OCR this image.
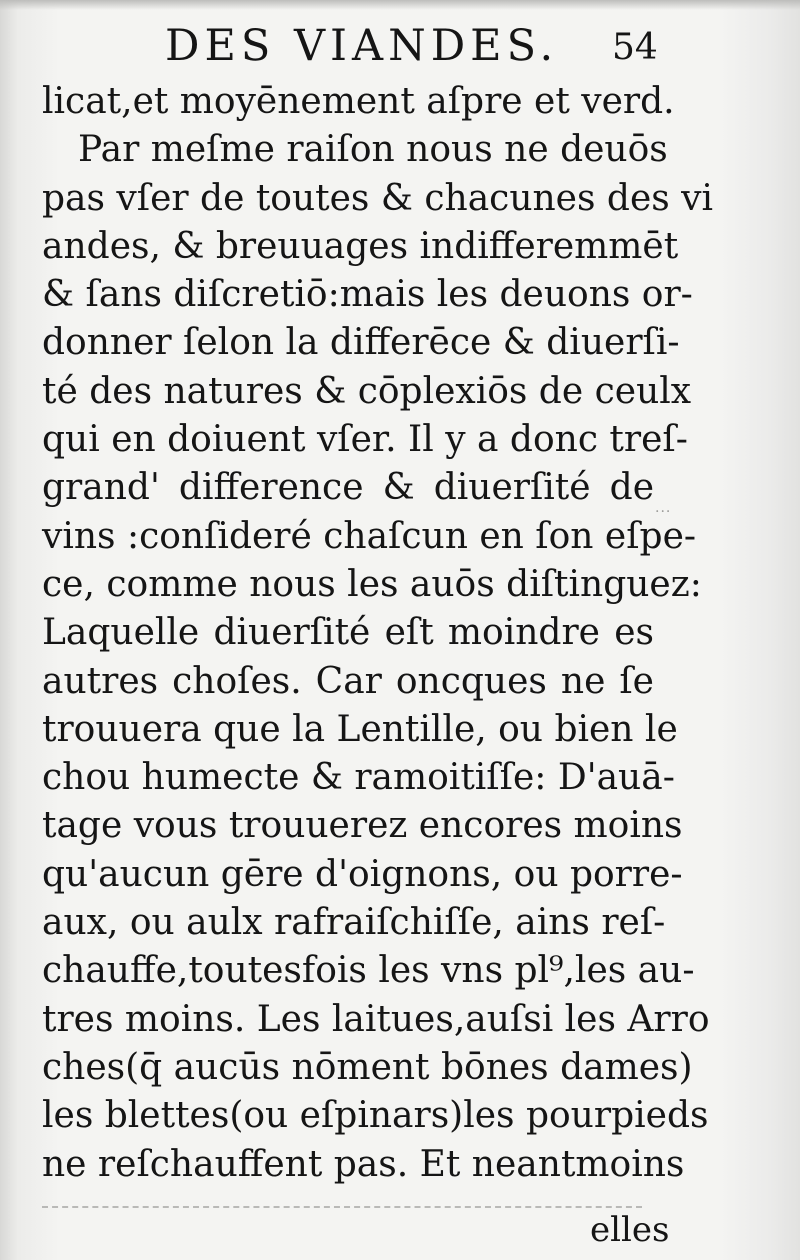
DES VIANDES. 54
licat,et moyēnement aſpre et verd.
Par meſme raiſon nous ne deuōs
pas vſer de toutes & chacunes des vi
andes, & breuuages indifferemmēt
& ſans diſcretiō:mais les deuons or-
donner ſelon la differēce & diuerſi-
té des natures & cōplexiōs de ceulx
qui en doiuent vſer. Il y a donc treſ-
grand' difference & diuerſité de
vins :conſideré chaſcun en ſon eſpe-
ce, comme nous les auōs diſtinguez:
Laquelle diuerſité eſt moindre es
autres choſes. Car oncques ne ſe
trouuera que la Lentille, ou bien le
chou humecte & ramoitiſſe: D'auā-
tage vous trouuerez encores moins
qu'aucun gēre d'oignons, ou porre-
aux, ou aulx rafraiſchiſſe, ains reſ-
chauffe,toutesfois les vns pl⁹,les au-
tres moins. Les laitues,auſsi les Arro
ches(q̄ aucūs nōment bōnes dames)
les blettes(ou eſpinars)les pourpieds
ne reſchauffent pas. Et neantmoins
...
elles
